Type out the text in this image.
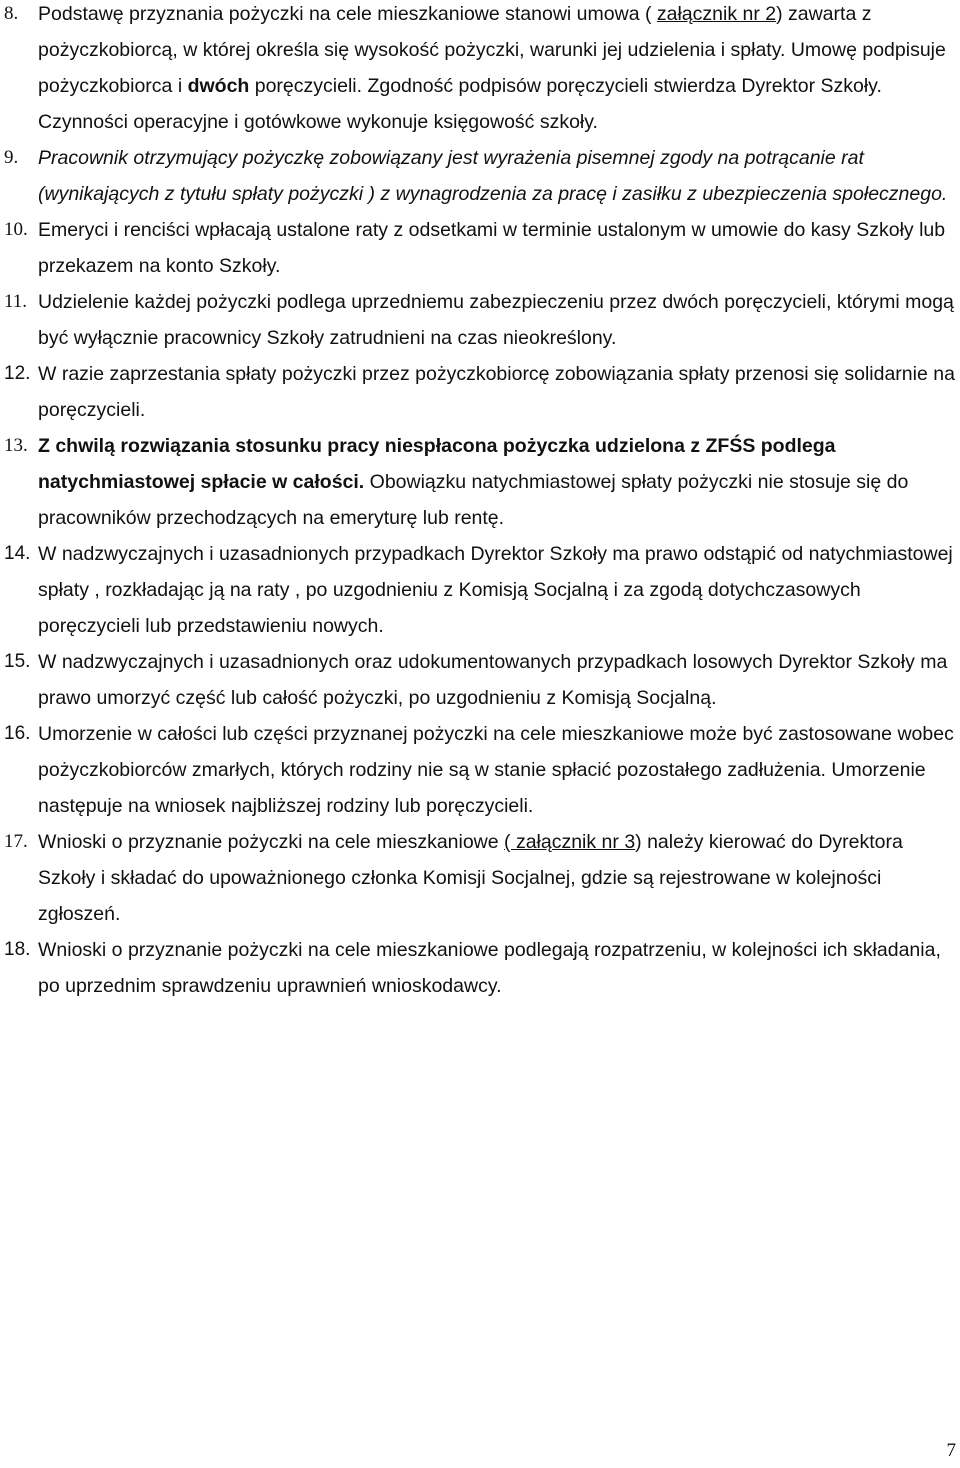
8. Podstawę przyznania pożyczki na cele mieszkaniowe stanowi umowa ( załącznik nr 2) zawarta z pożyczkobiorcą, w której określa się wysokość pożyczki, warunki jej udzielenia i spłaty. Umowę podpisuje pożyczkobiorca i dwóch poręczycieli. Zgodność podpisów poręczycieli stwierdza Dyrektor Szkoły. Czynności operacyjne i gotówkowe wykonuje księgowość szkoły.

9. Pracownik otrzymujący pożyczkę zobowiązany jest wyrażenia pisemnej zgody na potrącanie rat (wynikających z tytułu spłaty pożyczki ) z wynagrodzenia za pracę i zasiłku z ubezpieczenia społecznego.

10. Emeryci i renciści wpłacają ustalone raty z odsetkami w terminie ustalonym w umowie do kasy Szkoły lub przekazem na konto Szkoły.

11. Udzielenie każdej pożyczki podlega uprzedniemu zabezpieczeniu przez dwóch poręczycieli, którymi mogą być wyłącznie pracownicy Szkoły zatrudnieni na czas nieokreślony.

12. W razie zaprzestania spłaty pożyczki przez pożyczkobiorcę zobowiązania spłaty przenosi się solidarnie na poręczycieli.

13. Z chwilą rozwiązania stosunku pracy niespłacona pożyczka udzielona z ZFŚS podlega natychmiastowej spłacie w całości. Obowiązku natychmiastowej spłaty pożyczki nie stosuje się do pracowników przechodzących na emeryturę lub rentę.

14. W nadzwyczajnych i uzasadnionych przypadkach Dyrektor Szkoły ma prawo odstąpić od natychmiastowej spłaty , rozkładając ją na raty , po uzgodnieniu z Komisją Socjalną i za zgodą dotychczasowych poręczycieli lub przedstawieniu nowych.

15. W nadzwyczajnych i uzasadnionych oraz udokumentowanych przypadkach losowych Dyrektor Szkoły ma prawo umorzyć część lub całość pożyczki, po uzgodnieniu z Komisją Socjalną.

16. Umorzenie w całości lub części przyznanej pożyczki na cele mieszkaniowe może być zastosowane wobec pożyczkobiorców zmarłych, których rodziny nie są w stanie spłacić pozostałego zadłużenia. Umorzenie następuje na wniosek najbliższej rodziny lub poręczycieli.

17. Wnioski o przyznanie pożyczki na cele mieszkaniowe ( załącznik nr 3) należy kierować do Dyrektora Szkoły i składać do upoważnionego członka Komisji Socjalnej, gdzie są rejestrowane w kolejności zgłoszeń.

18. Wnioski o przyznanie pożyczki na cele mieszkaniowe podlegają rozpatrzeniu, w kolejności ich składania, po uprzednim sprawdzeniu uprawnień wnioskodawcy.

7
